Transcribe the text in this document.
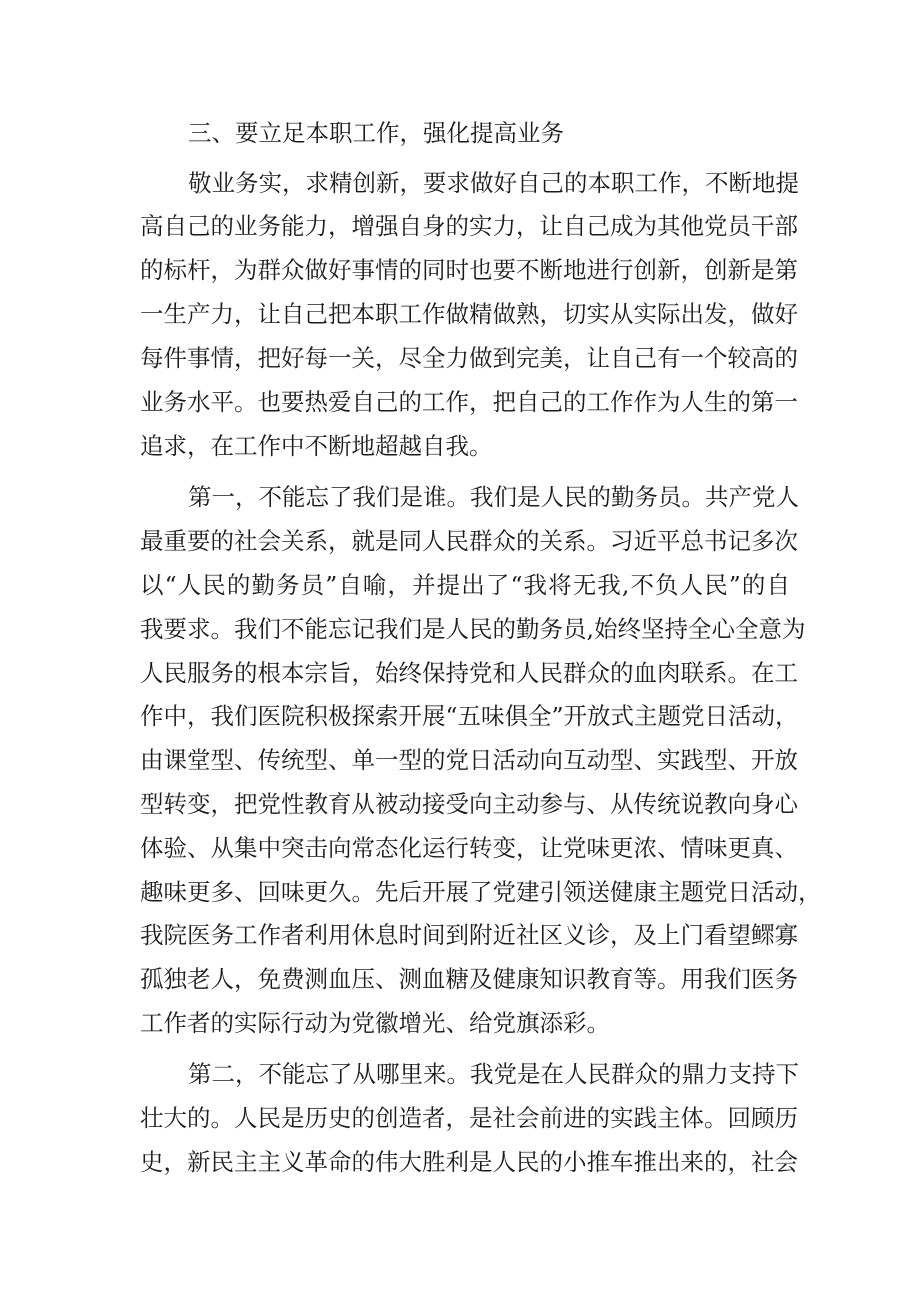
三、要立足本职工作，强化提高业务

敬业务实，求精创新，要求做好自己的本职工作，不断地提

高自己的业务能力，增强自身的实力，让自己成为其他党员干部

的标杆，为群众做好事情的同时也要不断地进行创新，创新是第

一生产力，让自己把本职工作做精做熟，切实从实际出发，做好

每件事情，把好每一关，尽全力做到完美，让自己有一个较高的

业务水平。也要热爱自己的工作，把自己的工作作为人生的第一

追求，在工作中不断地超越自我。

第一，不能忘了我们是谁。我们是人民的勤务员。共产党人

最重要的社会关系，就是同人民群众的关系。习近平总书记多次

以“人民的勤务员”自喻，并提出了“我将无我,不负人民”的自

我要求。我们不能忘记我们是人民的勤务员,始终坚持全心全意为

人民服务的根本宗旨，始终保持党和人民群众的血肉联系。在工

作中，我们医院积极探索开展“五味俱全”开放式主题党日活动，

由课堂型、传统型、单一型的党日活动向互动型、实践型、开放

型转变，把党性教育从被动接受向主动参与、从传统说教向身心

体验、从集中突击向常态化运行转变，让党味更浓、情味更真、

趣味更多、回味更久。先后开展了党建引领送健康主题党日活动，

我院医务工作者利用休息时间到附近社区义诊，及上门看望鳏寡

孤独老人，免费测血压、测血糖及健康知识教育等。用我们医务

工作者的实际行动为党徽增光、给党旗添彩。

第二，不能忘了从哪里来。我党是在人民群众的鼎力支持下

壮大的。人民是历史的创造者，是社会前进的实践主体。回顾历

史，新民主主义革命的伟大胜利是人民的小推车推出来的，社会
